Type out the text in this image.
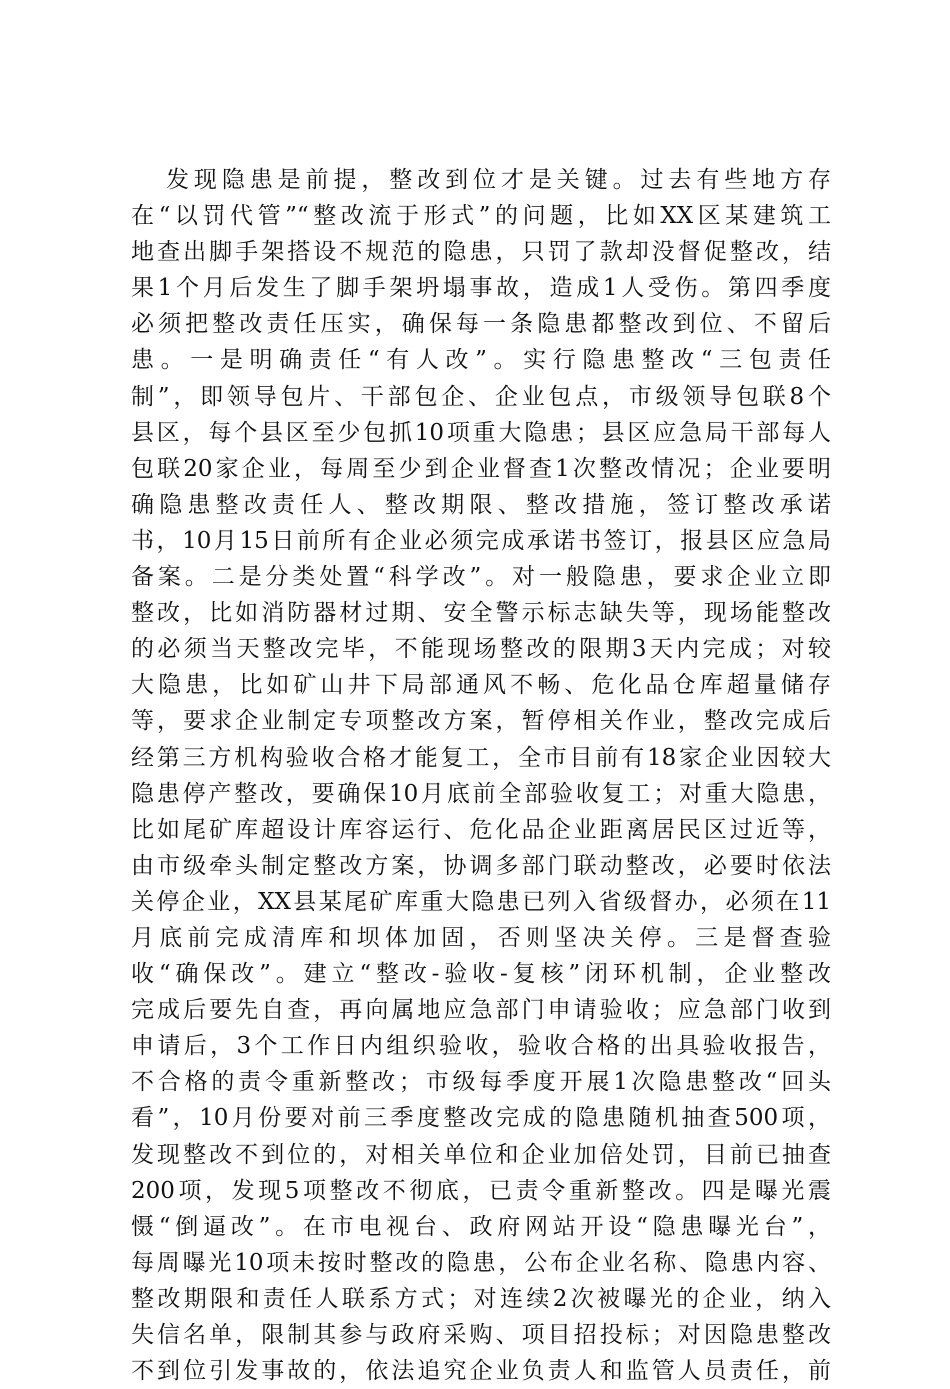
发现隐患是前提，整改到位才是关键。过去有些地方存
在“以罚代管”“整改流于形式”的问题，比如XX区某建筑工
地查出脚手架搭设不规范的隐患，只罚了款却没督促整改，结
果1个月后发生了脚手架坍塌事故，造成1人受伤。第四季度
必须把整改责任压实，确保每一条隐患都整改到位、不留后
患。一是明确责任“有人改”。实行隐患整改“三包责任
制”，即领导包片、干部包企、企业包点，市级领导包联8个
县区，每个县区至少包抓10项重大隐患；县区应急局干部每人
包联20家企业，每周至少到企业督查1次整改情况；企业要明
确隐患整改责任人、整改期限、整改措施，签订整改承诺
书，10月15日前所有企业必须完成承诺书签订，报县区应急局
备案。二是分类处置“科学改”。对一般隐患，要求企业立即
整改，比如消防器材过期、安全警示标志缺失等，现场能整改
的必须当天整改完毕，不能现场整改的限期3天内完成；对较
大隐患，比如矿山井下局部通风不畅、危化品仓库超量储存
等，要求企业制定专项整改方案，暂停相关作业，整改完成后
经第三方机构验收合格才能复工，全市目前有18家企业因较大
隐患停产整改，要确保10月底前全部验收复工；对重大隐患，
比如尾矿库超设计库容运行、危化品企业距离居民区过近等，
由市级牵头制定整改方案，协调多部门联动整改，必要时依法
关停企业，XX县某尾矿库重大隐患已列入省级督办，必须在11
月底前完成清库和坝体加固，否则坚决关停。三是督查验
收“确保改”。建立“整改-验收-复核”闭环机制，企业整改
完成后要先自查，再向属地应急部门申请验收；应急部门收到
申请后，3个工作日内组织验收，验收合格的出具验收报告，
不合格的责令重新整改；市级每季度开展1次隐患整改“回头
看”，10月份要对前三季度整改完成的隐患随机抽查500项，
发现整改不到位的，对相关单位和企业加倍处罚，目前已抽查
200项，发现5项整改不彻底，已责令重新整改。四是曝光震
慑“倒逼改”。在市电视台、政府网站开设“隐患曝光台”，
每周曝光10项未按时整改的隐患，公布企业名称、隐患内容、
整改期限和责任人联系方式；对连续2次被曝光的企业，纳入
失信名单，限制其参与政府采购、项目招投标；对因隐患整改
不到位引发事故的，依法追究企业负责人和监管人员责任，前
